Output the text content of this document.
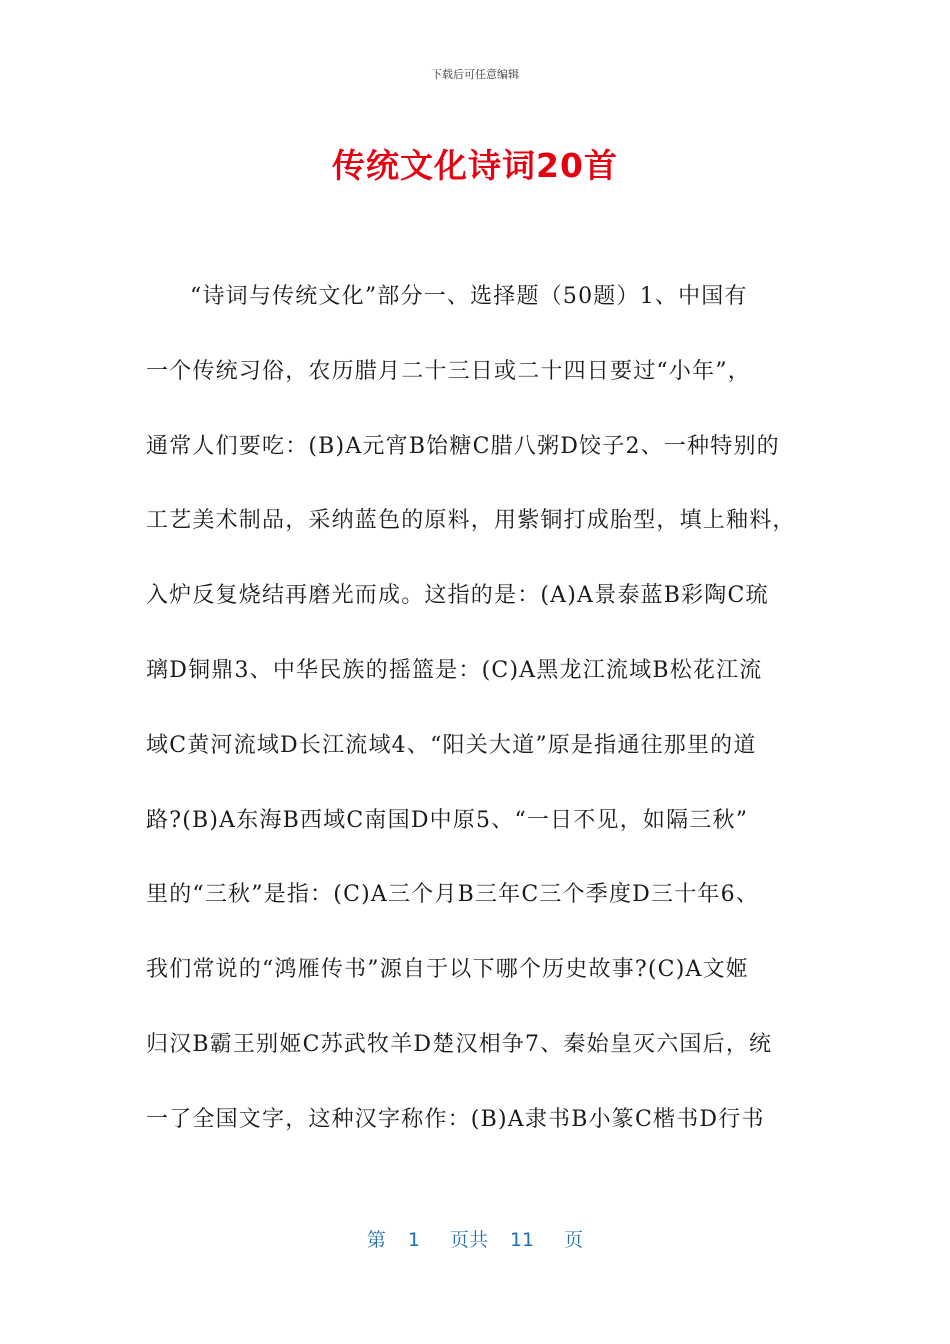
下载后可任意编辑
传统文化诗词20首
“诗词与传统文化”部分一、选择题（50题）1、中国有
一个传统习俗，农历腊月二十三日或二十四日要过“小年”，
通常人们要吃：(B)A元宵B饴糖C腊八粥D饺子2、一种特别的
工艺美术制品，采纳蓝色的原料，用紫铜打成胎型，填上釉料，
入炉反复烧结再磨光而成。这指的是：(A)A景泰蓝B彩陶C琉
璃D铜鼎3、中华民族的摇篮是：(C)A黑龙江流域B松花江流
域C黄河流域D长江流域4、“阳关大道”原是指通往那里的道
路?(B)A东海B西域C南国D中原5、“一日不见，如隔三秋”
里的“三秋”是指：(C)A三个月B三年C三个季度D三十年6、
我们常说的“鸿雁传书”源自于以下哪个历史故事?(C)A文姬
归汉B霸王别姬C苏武牧羊D楚汉相争7、秦始皇灭六国后，统
一了全国文字，这种汉字称作：(B)A隶书B小篆C楷书D行书
第 1 页共 11 页
